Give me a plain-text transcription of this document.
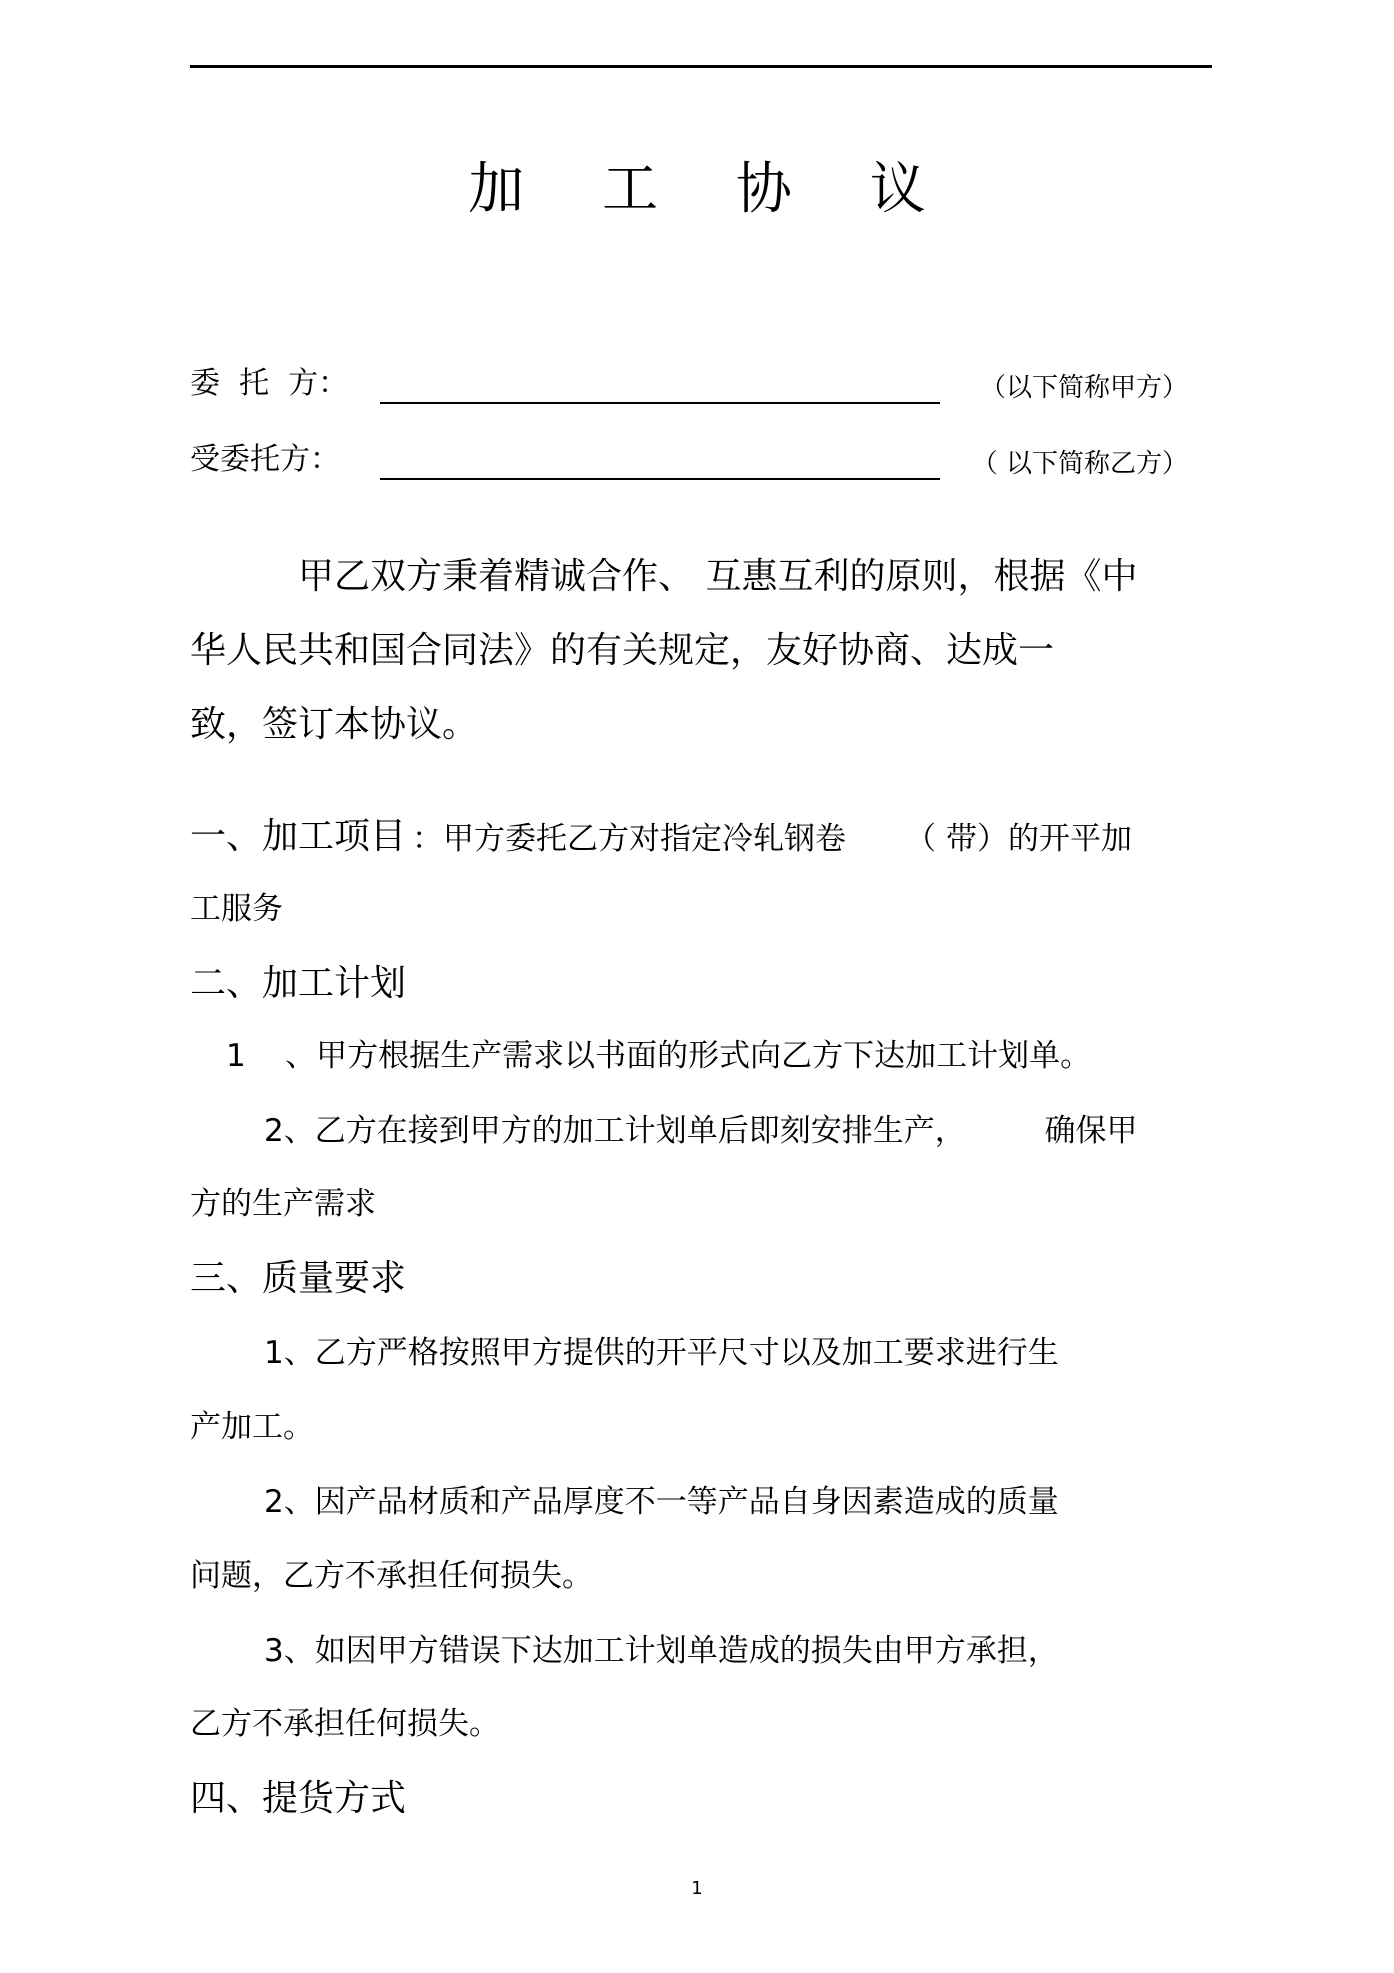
加 工 协 议
委  托  方：	（以下简称甲方）
受委托方：	（ 以下简称乙方）
甲乙双方秉着精诚合作、 互惠互利的原则，根据《中
华人民共和国合同法》的有关规定，友好协商、达成一
致，签订本协议。
一、加工项目 ：甲方委托乙方对指定冷轧钢卷      （ 带）的开平加
工服务
二、加工计划
1    、甲方根据生产需求以书面的形式向乙方下达加工计划单。
2、乙方在接到甲方的加工计划单后即刻安排生产，        确保甲
方的生产需求
三、质量要求
1、乙方严格按照甲方提供的开平尺寸以及加工要求进行生
产加工。
2、因产品材质和产品厚度不一等产品自身因素造成的质量
问题，乙方不承担任何损失。
3、如因甲方错误下达加工计划单造成的损失由甲方承担，
乙方不承担任何损失。
四、提货方式
1
